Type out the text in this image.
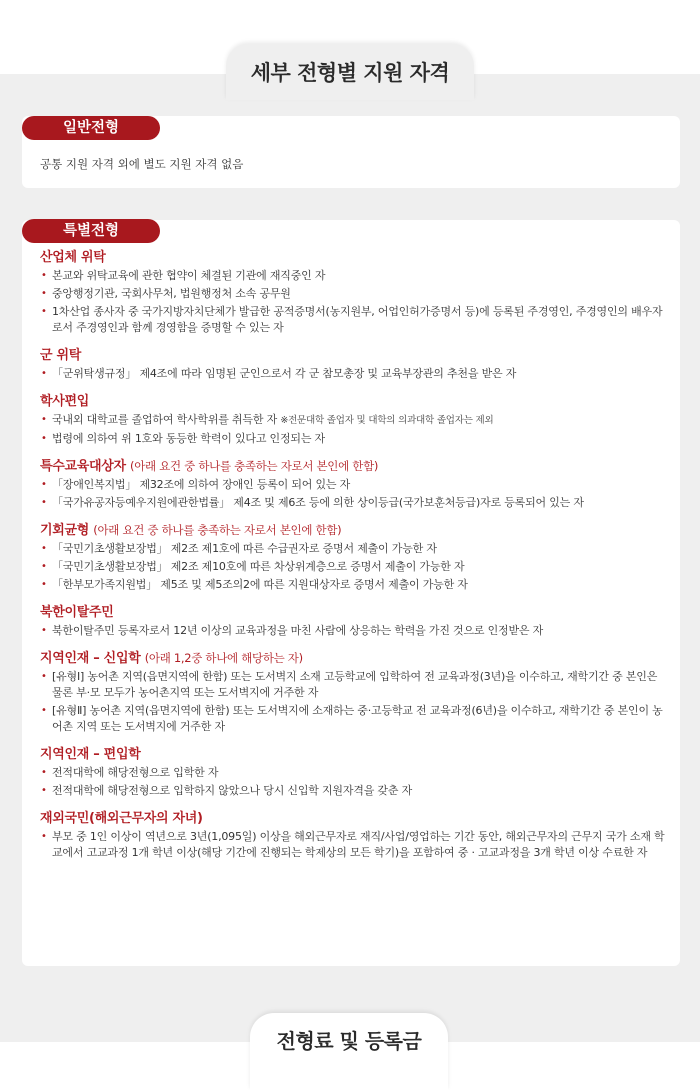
세부 전형별 지원 자격
일반전형
공통 지원 자격 외에 별도 지원 자격 없음
특별전형
산업체 위탁
• 본교와 위탁교육에 관한 협약이 체결된 기관에 재직중인 자
• 중앙행정기관, 국회사무처, 법원행정처 소속 공무원
• 1차산업 종사자 중 국가지방자치단체가 발급한 공적증명서(농지원부, 어업인허가증명서 등)에 등록된 주경영인, 주경영인의 배우자로서 주경영인과 함께 경영함을 증명할 수 있는 자
군 위탁
• 「군위탁생규정」 제4조에 따라 임명된 군인으로서 각 군 참모총장 및 교육부장관의 추천을 받은 자
학사편입
• 국내외 대학교를 졸업하여 학사학위를 취득한 자 ※전문대학 졸업자 및 대학의 의과대학 졸업자는 제외
• 법령에 의하여 위 1호와 동등한 학력이 있다고 인정되는 자
특수교육대상자 (아래 요건 중 하나를 충족하는 자로서 본인에 한함)
• 「장애인복지법」 제32조에 의하여 장애인 등록이 되어 있는 자
• 「국가유공자등예우지원에관한법률」 제4조 및 제6조 등에 의한 상이등급(국가보훈처등급)자로 등록되어 있는 자
기회균형 (아래 요건 중 하나를 충족하는 자로서 본인에 한함)
• 「국민기초생활보장법」 제2조 제1호에 따른 수급권자로 증명서 제출이 가능한 자
• 「국민기초생활보장법」 제2조 제10호에 따른 차상위계층으로 증명서 제출이 가능한 자
• 「한부모가족지원법」 제5조 및 제5조의2에 따른 지원대상자로 증명서 제출이 가능한 자
북한이탈주민
• 북한이탈주민 등록자로서 12년 이상의 교육과정을 마친 사람에 상응하는 학력을 가진 것으로 인정받은 자
지역인재 – 신입학 (아래 1,2중 하나에 해당하는 자)
• [유형Ⅰ] 농어촌 지역(읍면지역에 한함) 또는 도서벽지 소재 고등학교에 입학하여 전 교육과정(3년)을 이수하고, 재학기간 중 본인은 물론 부·모 모두가 농어촌지역 또는 도서벽지에 거주한 자
• [유형Ⅱ] 농어촌 지역(읍면지역에 한함) 또는 도서벽지에 소재하는 중·고등학교 전 교육과정(6년)을 이수하고, 재학기간 중 본인이 농어촌 지역 또는 도서벽지에 거주한 자
지역인재 – 편입학
• 전적대학에 해당전형으로 입학한 자
• 전적대학에 해당전형으로 입학하지 않았으나 당시 신입학 지원자격을 갖춘 자
재외국민(해외근무자의 자녀)
• 부모 중 1인 이상이 역년으로 3년(1,095일) 이상을 해외근무자로 재직/사업/영업하는 기간 동안, 해외근무자의 근무지 국가 소재 학교에서 고교과정 1개 학년 이상(해당 기간에 진행되는 학제상의 모든 학기)을 포함하여 중 · 고교과정을 3개 학년 이상 수료한 자
전형료 및 등록금
